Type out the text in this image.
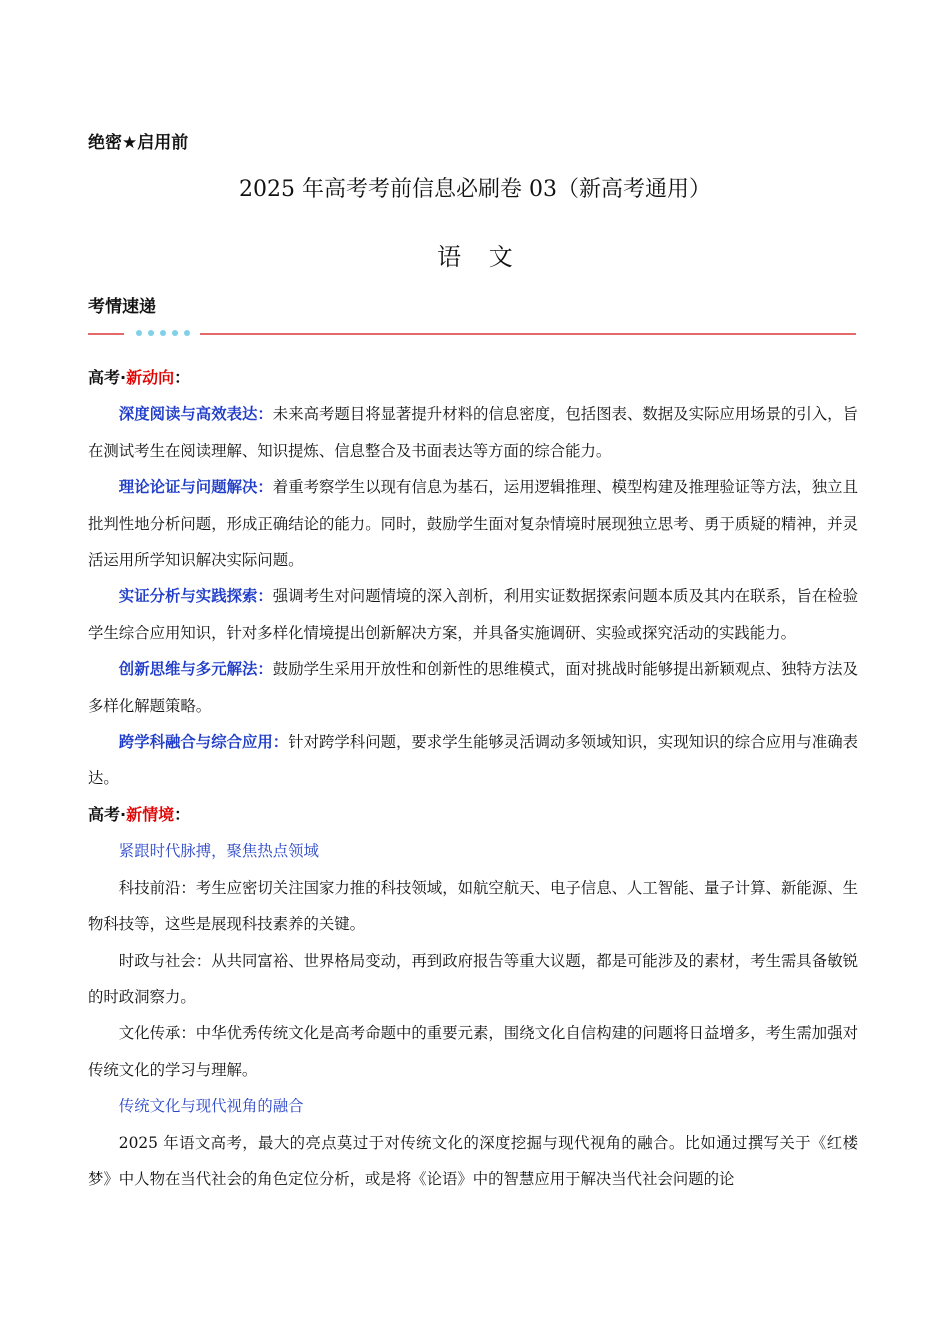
绝密★启用前
2025 年高考考前信息必刷卷 03（新高考通用）
语 文
考情速递

高考·新动向：

深度阅读与高效表达：未来高考题目将显著提升材料的信息密度，包括图表、数据及实际应用场景的引入，旨在测试考生在阅读理解、知识提炼、信息整合及书面表达等方面的综合能力。

理论论证与问题解决：着重考察学生以现有信息为基石，运用逻辑推理、模型构建及推理验证等方法，独立且批判性地分析问题，形成正确结论的能力。同时，鼓励学生面对复杂情境时展现独立思考、勇于质疑的精神，并灵活运用所学知识解决实际问题。

实证分析与实践探索：强调考生对问题情境的深入剖析，利用实证数据探索问题本质及其内在联系，旨在检验学生综合应用知识，针对多样化情境提出创新解决方案，并具备实施调研、实验或探究活动的实践能力。

创新思维与多元解法：鼓励学生采用开放性和创新性的思维模式，面对挑战时能够提出新颖观点、独特方法及多样化解题策略。

跨学科融合与综合应用：针对跨学科问题，要求学生能够灵活调动多领域知识，实现知识的综合应用与准确表达。

高考·新情境：

紧跟时代脉搏，聚焦热点领域

科技前沿：考生应密切关注国家力推的科技领域，如航空航天、电子信息、人工智能、量子计算、新能源、生物科技等，这些是展现科技素养的关键。

时政与社会：从共同富裕、世界格局变动，再到政府报告等重大议题，都是可能涉及的素材，考生需具备敏锐的时政洞察力。

文化传承：中华优秀传统文化是高考命题中的重要元素，围绕文化自信构建的问题将日益增多，考生需加强对传统文化的学习与理解。

传统文化与现代视角的融合

2025 年语文高考，最大的亮点莫过于对传统文化的深度挖掘与现代视角的融合。比如通过撰写关于《红楼梦》中人物在当代社会的角色定位分析，或是将《论语》中的智慧应用于解决当代社会问题的论
